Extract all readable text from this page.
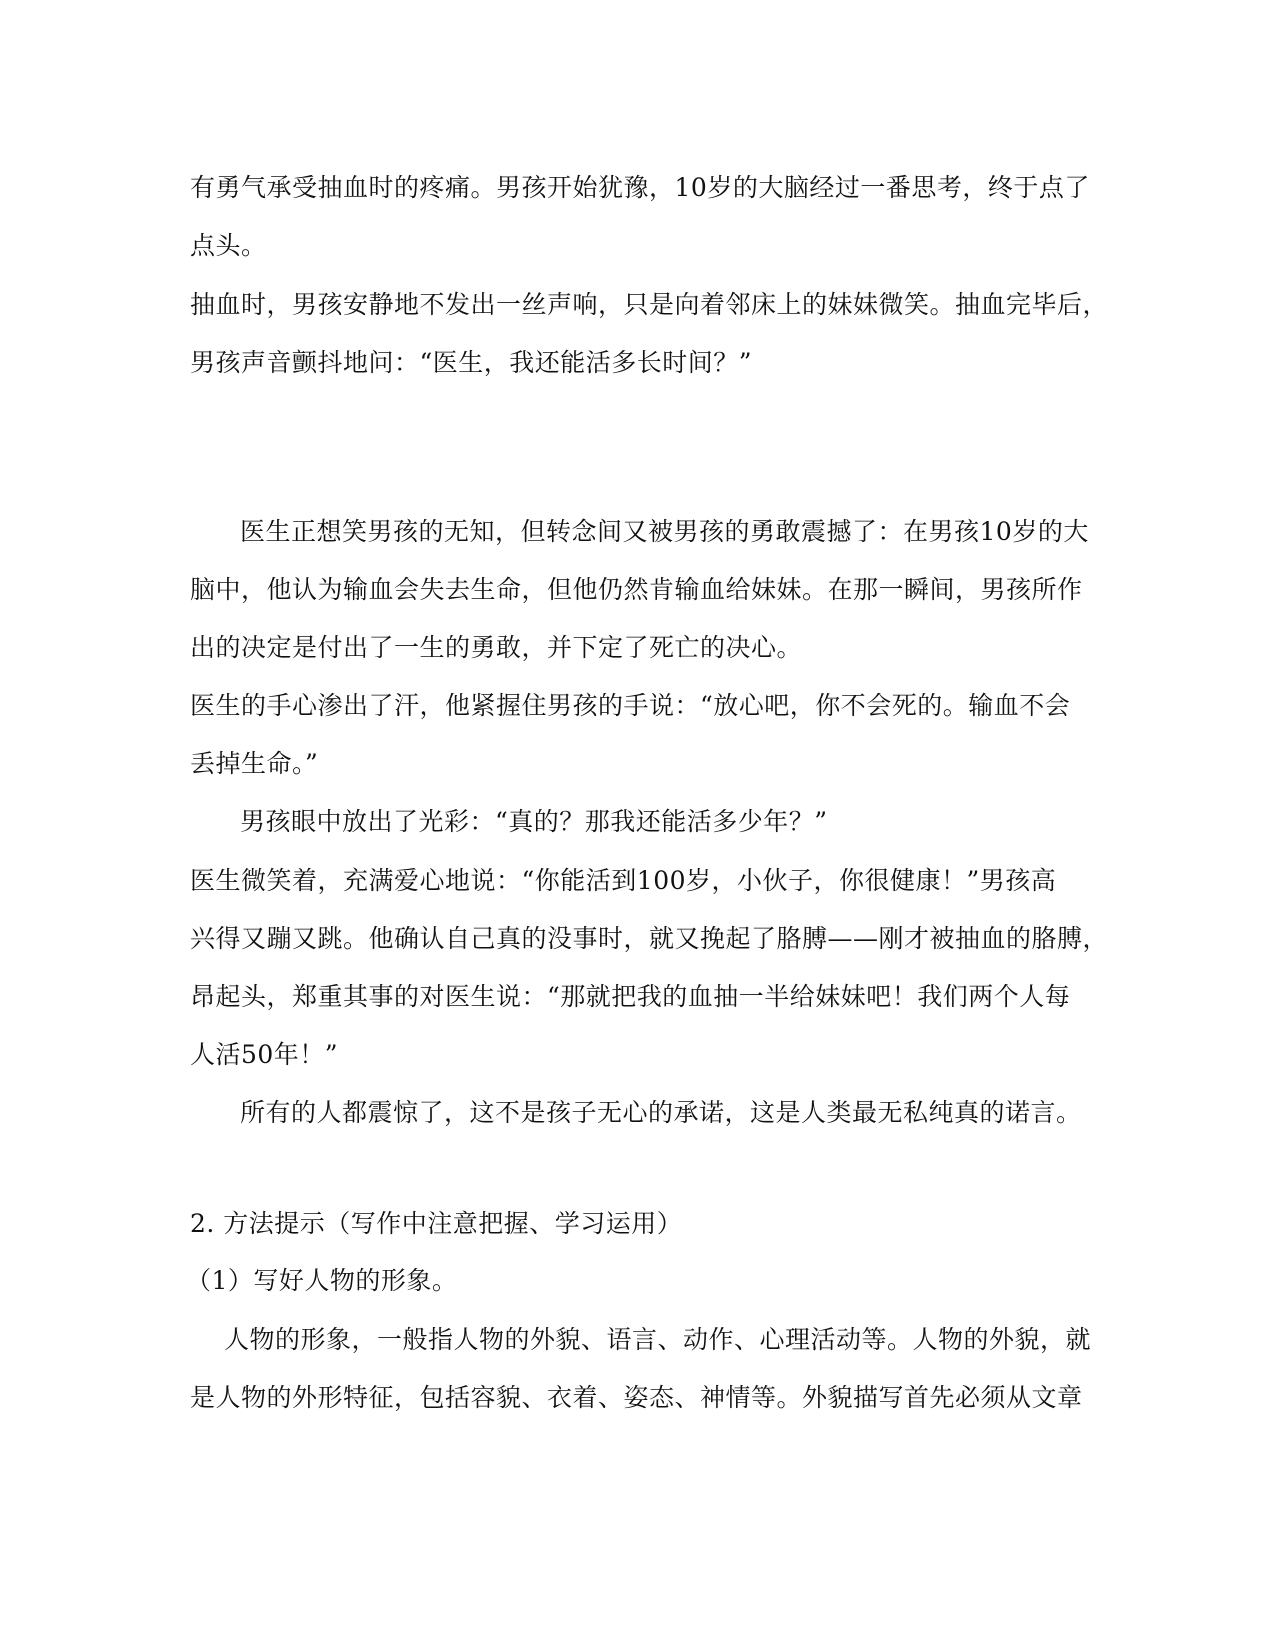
有勇气承受抽血时的疼痛。男孩开始犹豫，10岁的大脑经过一番思考，终于点了
点头。
抽血时，男孩安静地不发出一丝声响，只是向着邻床上的妹妹微笑。抽血完毕后，
男孩声音颤抖地问：“医生，我还能活多长时间？”
医生正想笑男孩的无知，但转念间又被男孩的勇敢震撼了：在男孩10岁的大
脑中，他认为输血会失去生命，但他仍然肯输血给妹妹。在那一瞬间，男孩所作
出的决定是付出了一生的勇敢，并下定了死亡的决心。
医生的手心渗出了汗，他紧握住男孩的手说：“放心吧，你不会死的。输血不会
丢掉生命。”
男孩眼中放出了光彩：“真的？那我还能活多少年？”
医生微笑着，充满爱心地说：“你能活到100岁，小伙子，你很健康！”男孩高
兴得又蹦又跳。他确认自己真的没事时，就又挽起了胳膊——刚才被抽血的胳膊，
昂起头，郑重其事的对医生说：“那就把我的血抽一半给妹妹吧！我们两个人每
人活50年！”
所有的人都震惊了，这不是孩子无心的承诺，这是人类最无私纯真的诺言。
2. 方法提示（写作中注意把握、学习运用）
（1）写好人物的形象。
人物的形象，一般指人物的外貌、语言、动作、心理活动等。人物的外貌，就
是人物的外形特征，包括容貌、衣着、姿态、神情等。外貌描写首先必须从文章
